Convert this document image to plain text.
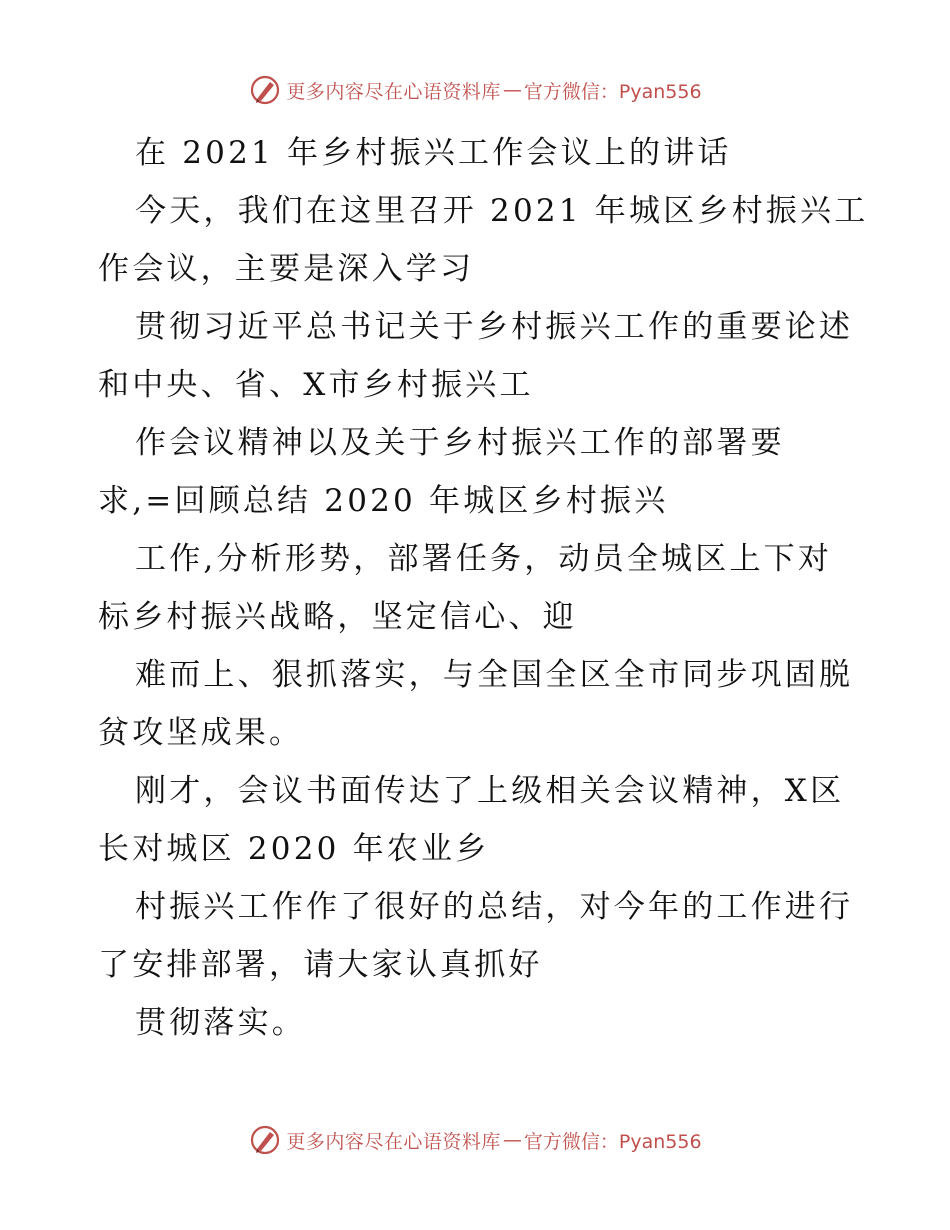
更多内容尽在心语资料库 — 官方微信：Pyan556
在 2021 年乡村振兴工作会议上的讲话
今天，我们在这里召开 2021 年城区乡村振兴工
作会议，主要是深入学习
贯彻习近平总书记关于乡村振兴工作的重要论述
和中央、省、X市乡村振兴工
作会议精神以及关于乡村振兴工作的部署要
求,=回顾总结 2020 年城区乡村振兴
工作,分析形势，部署任务，动员全城区上下对
标乡村振兴战略，坚定信心、迎
难而上、狠抓落实，与全国全区全市同步巩固脱
贫攻坚成果。
刚才，会议书面传达了上级相关会议精神，X区
长对城区 2020 年农业乡
村振兴工作作了很好的总结，对今年的工作进行
了安排部署，请大家认真抓好
贯彻落实。
更多内容尽在心语资料库 — 官方微信：Pyan556
